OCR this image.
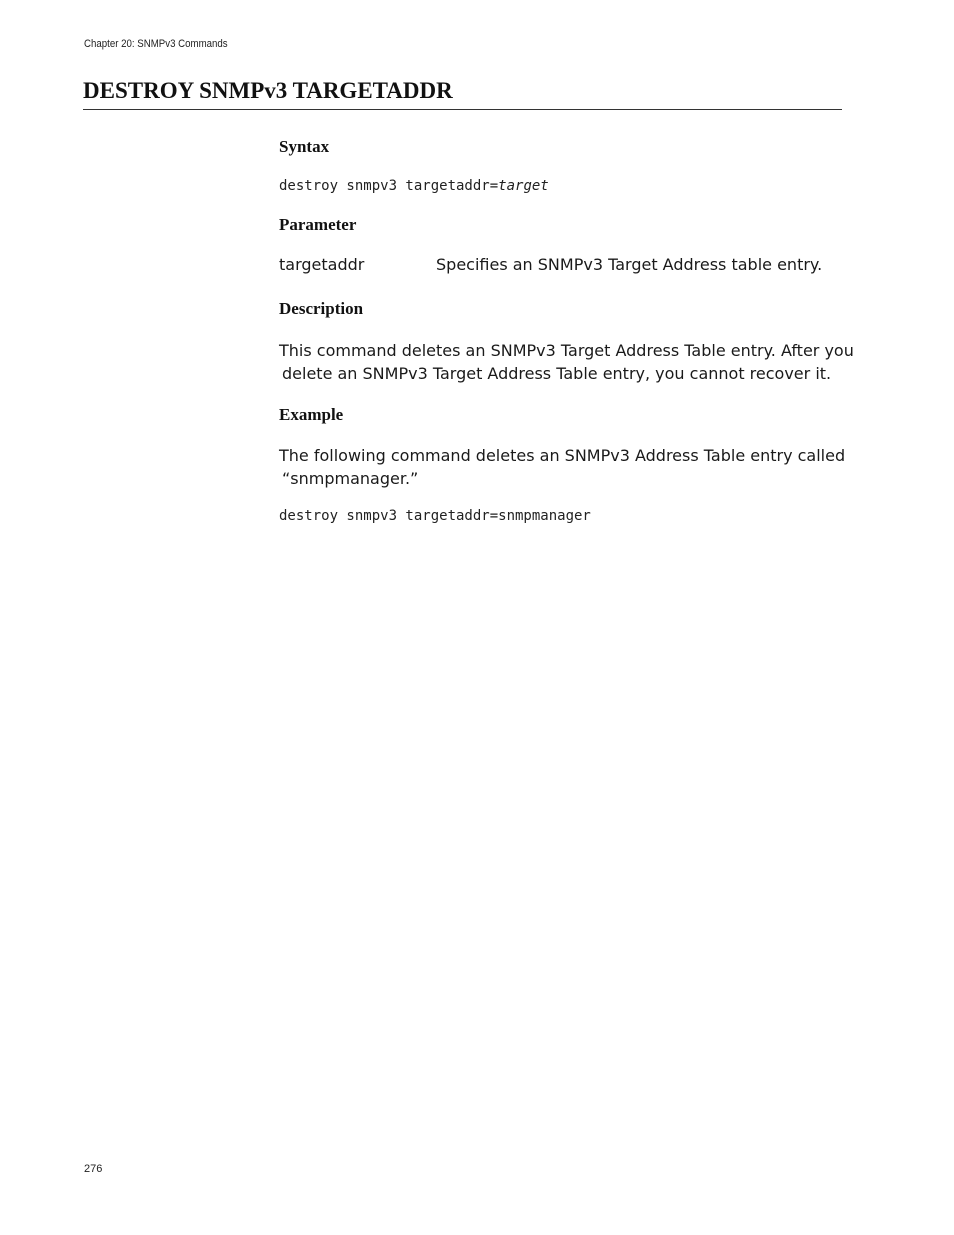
Chapter 20: SNMPv3 Commands
DESTROY SNMPv3 TARGETADDR
Syntax
destroy snmpv3 targetaddr=target
Parameter
targetaddr	Specifies an SNMPv3 Target Address table entry.
Description
This command deletes an SNMPv3 Target Address Table entry. After you
delete an SNMPv3 Target Address Table entry, you cannot recover it.
Example
The following command deletes an SNMPv3 Address Table entry called
“snmpmanager.”
destroy snmpv3 targetaddr=snmpmanager
276
